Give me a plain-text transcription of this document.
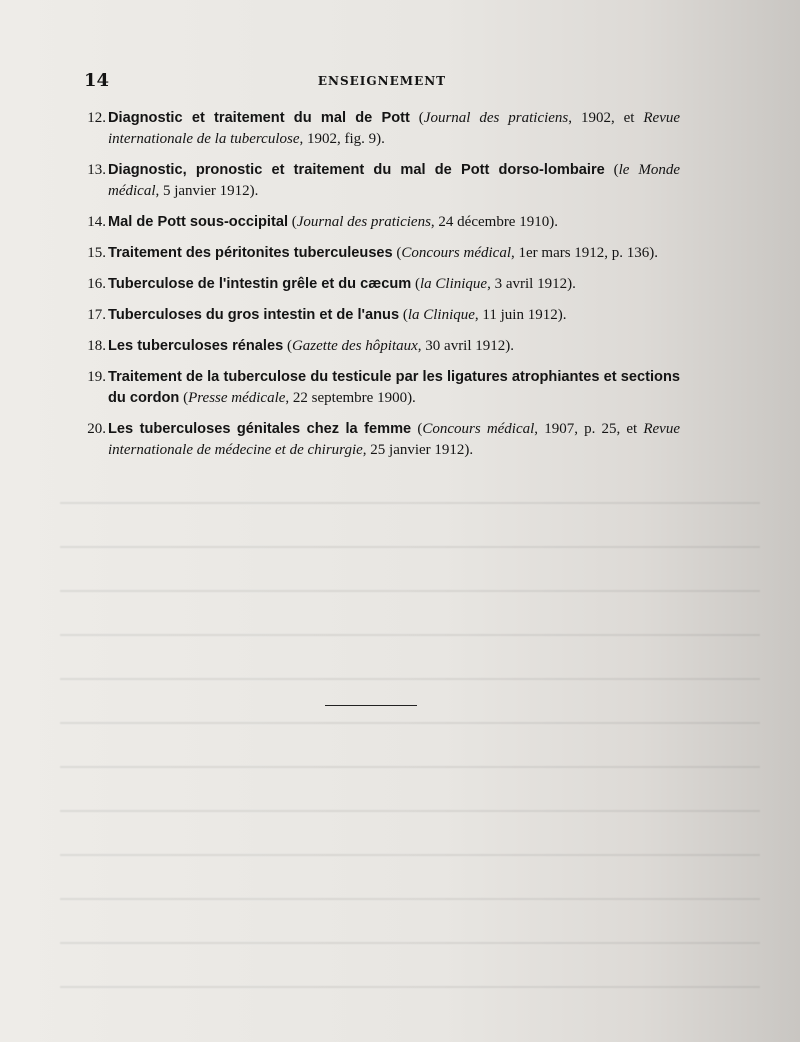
14	ENSEIGNEMENT
12. Diagnostic et traitement du mal de Pott (Journal des praticiens, 1902, et Revue internationale de la tuberculose, 1902, fig. 9).
13. Diagnostic, pronostic et traitement du mal de Pott dorso-lombaire (le Monde médical, 5 janvier 1912).
14. Mal de Pott sous-occipital (Journal des praticiens, 24 décembre 1910).
15. Traitement des péritonites tuberculeuses (Concours médical, 1er mars 1912, p. 136).
16. Tuberculose de l'intestin grêle et du cæcum (la Clinique, 3 avril 1912).
17. Tuberculoses du gros intestin et de l'anus (la Clinique, 11 juin 1912).
18. Les tuberculoses rénales (Gazette des hôpitaux, 30 avril 1912).
19. Traitement de la tuberculose du testicule par les ligatures atrophiantes et sections du cordon (Presse médicale, 22 septembre 1900).
20. Les tuberculoses génitales chez la femme (Concours médical, 1907, p. 25, et Revue internationale de médecine et de chirurgie, 25 janvier 1912).
